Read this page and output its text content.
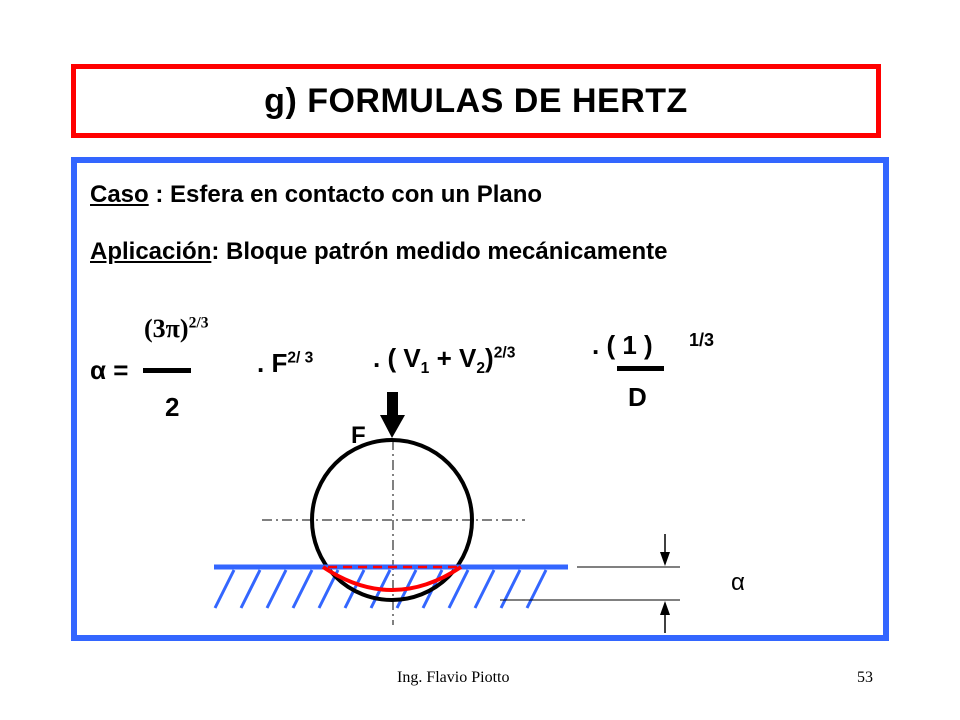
g) FORMULAS DE HERTZ
Caso : Esfera en contacto con un Plano
Aplicación: Bloque patrón medido mecánicamente
$(3\pi)^{2/3}$
α =
2
. $F^{2/ 3}$ . ( $V_1 + V_2)^{2/3}$	. ( 1 ) 1/3
D
F
α
Ing. Flavio Piotto	53
